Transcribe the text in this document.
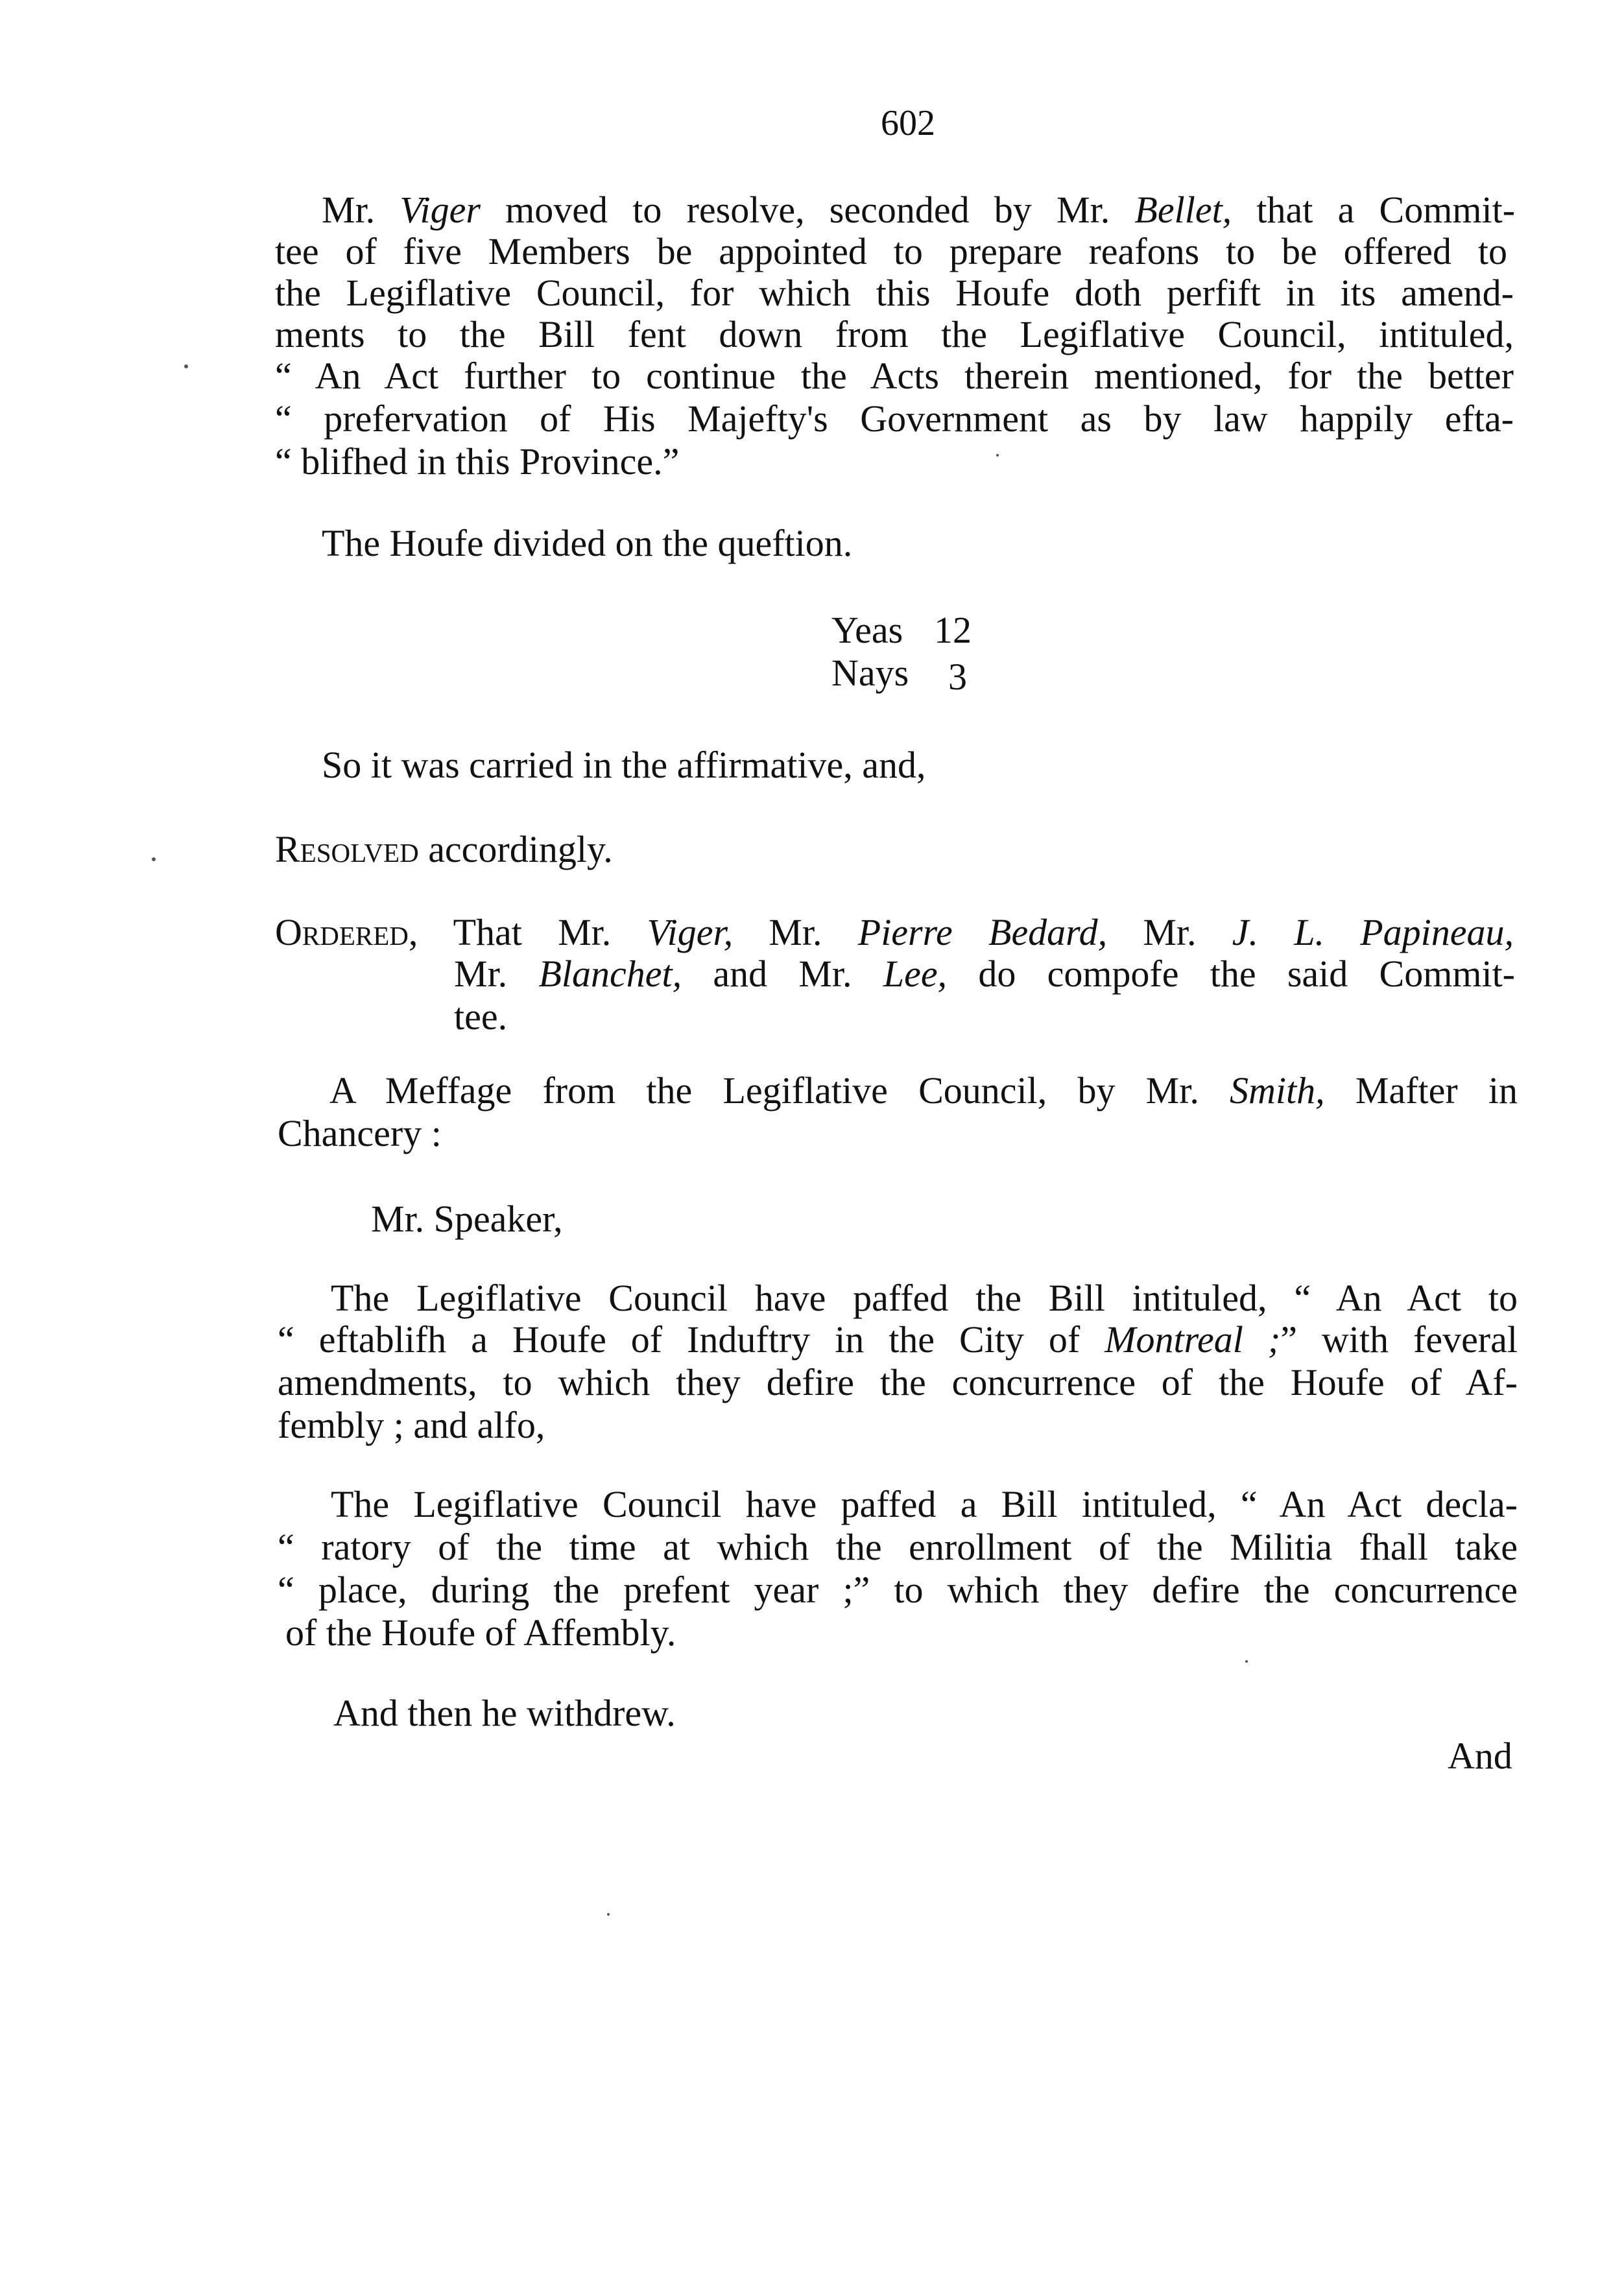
602
Mr. Viger moved to resolve, seconded by Mr. Bellet, that a Commit-
tee of five Members be appointed to prepare reafons to be offered to
the Legiflative Council, for which this Houfe doth perfift in its amend-
ments to the Bill fent down from the Legiflative Council, intituled,
“ An Act further to continue the Acts therein mentioned, for the better
“ prefervation of His Majefty's Government as by law happily efta-
“ blifhed in this Province.”
The Houfe divided on the queftion.
Yeas 12
Nays 3
So it was carried in the affirmative, and,
Resolved accordingly.
Ordered, That Mr. Viger, Mr. Pierre Bedard, Mr. J. L. Papineau,
Mr. Blanchet, and Mr. Lee, do compofe the said Commit-
tee.
A Meffage from the Legiflative Council, by Mr. Smith, Mafter in
Chancery :
Mr. Speaker,
The Legiflative Council have paffed the Bill intituled, “ An Act to
“ eftablifh a Houfe of Induftry in the City of Montreal ;” with feveral
amendments, to which they defire the concurrence of the Houfe of Af-
fembly ; and alfo,
The Legiflative Council have paffed a Bill intituled, “ An Act decla-
“ ratory of the time at which the enrollment of the Militia fhall take
“ place, during the prefent year ;” to which they defire the concurrence
of the Houfe of Affembly.
And then he withdrew.
And
